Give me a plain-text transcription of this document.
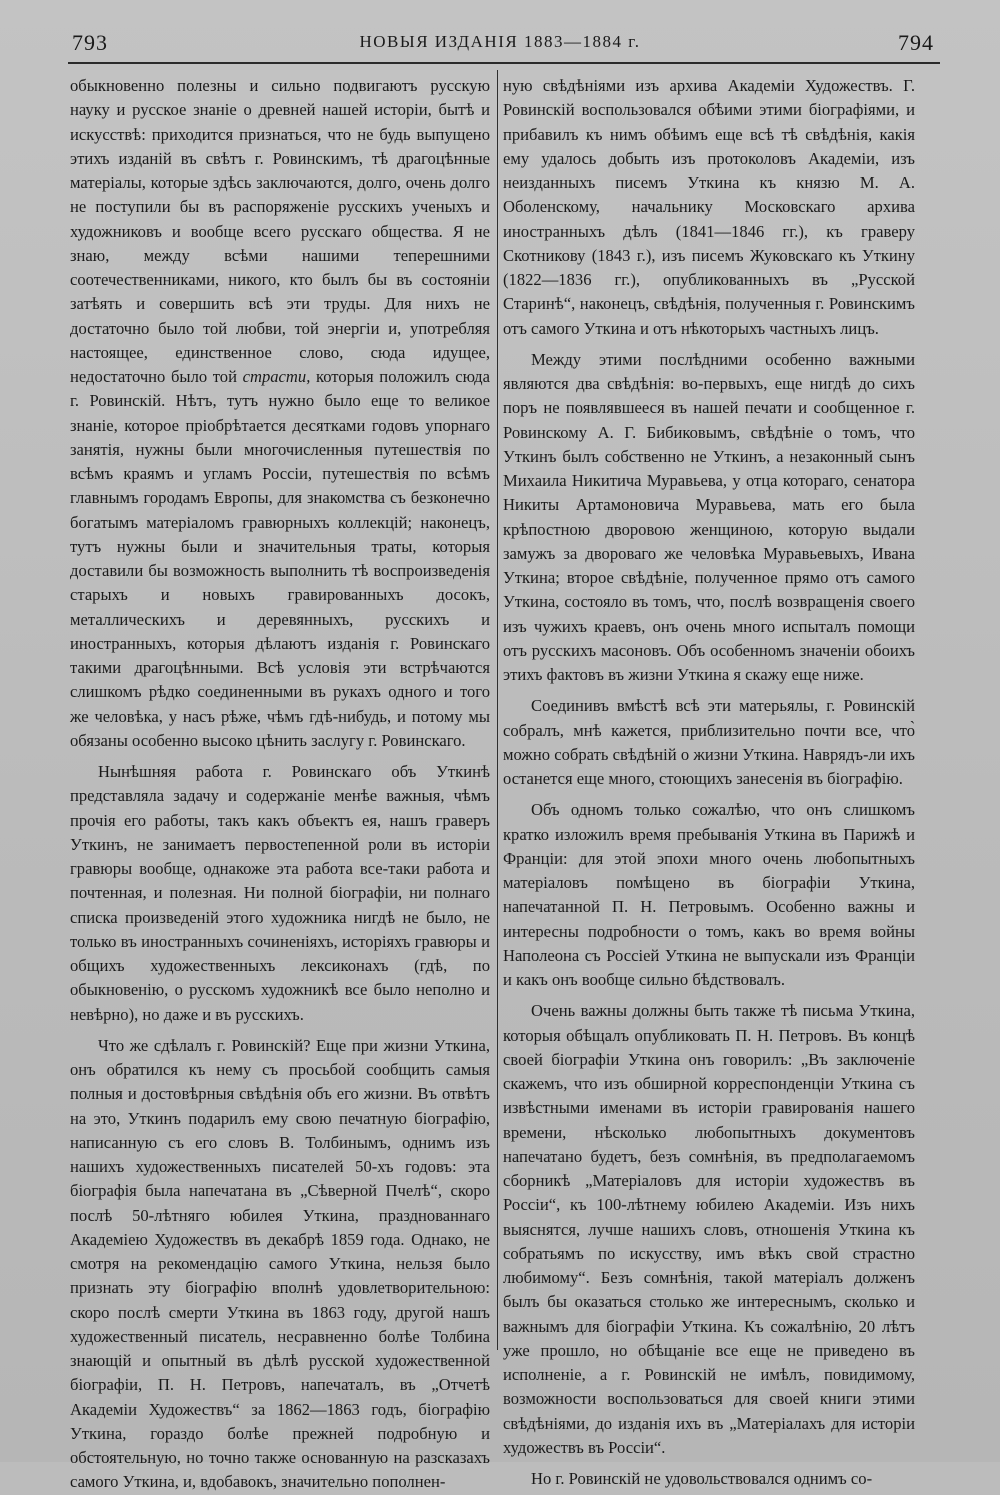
793	НОВЫЯ ИЗДАНІЯ 1883—1884 г.	794

обыкновенно полезны и сильно подвигаютъ русскую науку и русское знаніе о древней нашей исторіи, бытѣ и искусствѣ: приходится признаться, что не будь выпущено этихъ изданій въ свѣтъ г. Ровинскимъ, тѣ драгоцѣнные матеріалы, которые здѣсь заключаются, долго, очень долго не поступили бы въ распоряженіе русскихъ ученыхъ и художниковъ и вообще всего русскаго общества. Я не знаю, между всѣми нашими теперешними соотечественниками, никого, кто былъ бы въ состояніи затѣять и совершить всѣ эти труды. Для нихъ не достаточно было той любви, той энергіи и, употребляя настоящее, единственное слово, сюда идущее, недостаточно было той страсти, которыя положилъ сюда г. Ровинскій. Нѣтъ, тутъ нужно было еще то великое знаніе, которое пріобрѣтается десятками годовъ упорнаго занятія, нужны были многочисленныя путешествія по всѣмъ краямъ и угламъ Россіи, путешествія по всѣмъ главнымъ городамъ Европы, для знакомства съ безконечно богатымъ матеріаломъ гравюрныхъ коллекцій; наконецъ, тутъ нужны были и значительныя траты, которыя доставили бы возможность выполнить тѣ воспроизведенія старыхъ и новыхъ гравированныхъ досокъ, металлическихъ и деревянныхъ, русскихъ и иностранныхъ, которыя дѣлаютъ изданія г. Ровинскаго такими драгоцѣнными. Всѣ условія эти встрѣчаются слишкомъ рѣдко соединенными въ рукахъ одного и того же человѣка, у насъ рѣже, чѣмъ гдѣ-нибудь, и потому мы обязаны особенно высоко цѣнить заслугу г. Ровинскаго.

Нынѣшняя работа г. Ровинскаго объ Уткинѣ представляла задачу и содержаніе менѣе важныя, чѣмъ прочія его работы, такъ какъ объектъ ея, нашъ граверъ Уткинъ, не занимаетъ первостепенной роли въ исторіи гравюры вообще, однакоже эта работа все-таки работа и почтенная, и полезная. Ни полной біографіи, ни полнаго списка произведеній этого художника нигдѣ не было, не только въ иностранныхъ сочиненіяхъ, исторіяхъ гравюры и общихъ художественныхъ лексиконахъ (гдѣ, по обыкновенію, о русскомъ художникѣ все было неполно и невѣрно), но даже и въ русскихъ.

Что же сдѣлалъ г. Ровинскій? Еще при жизни Уткина, онъ обратился къ нему съ просьбой сообщить самыя полныя и достовѣрныя свѣдѣнія объ его жизни. Въ отвѣтъ на это, Уткинъ подарилъ ему свою печатную біографію, написанную съ его словъ В. Толбинымъ, однимъ изъ нашихъ художественныхъ писателей 50-хъ годовъ: эта біографія была напечатана въ „Сѣверной Пчелѣ“, скоро послѣ 50-лѣтняго юбилея Уткина, празднованнаго Академіею Художествъ въ декабрѣ 1859 года. Однако, не смотря на рекомендацію самого Уткина, нельзя было признать эту біографію вполнѣ удовлетворительною: скоро послѣ смерти Уткина въ 1863 году, другой нашъ художественный писатель, несравненно болѣе Толбина знающій и опытный въ дѣлѣ русской художественной біографіи, П. Н. Петровъ, напечаталъ, въ „Отчетѣ Академіи Художествъ“ за 1862—1863 годъ, біографію Уткина, гораздо болѣе прежней подробную и обстоятельную, но точно также основанную на разсказахъ самого Уткина, и, вдобавокъ, значительно пополнен-

ную свѣдѣніями изъ архива Академіи Художествъ. Г. Ровинскій воспользовался обѣими этими біографіями, и прибавилъ къ нимъ обѣимъ еще всѣ тѣ свѣдѣнія, какія ему удалось добыть изъ протоколовъ Академіи, изъ неизданныхъ писемъ Уткина къ князю М. А. Оболенскому, начальнику Московскаго архива иностранныхъ дѣлъ (1841—1846 гг.), къ граверу Скотникову (1843 г.), изъ писемъ Жуковскаго къ Уткину (1822—1836 гг.), опубликованныхъ въ „Русской Старинѣ“, наконецъ, свѣдѣнія, полученныя г. Ровинскимъ отъ самого Уткина и отъ нѣкоторыхъ частныхъ лицъ.

Между этими послѣдними особенно важными являются два свѣдѣнія: во-первыхъ, еще нигдѣ до сихъ поръ не появлявшееся въ нашей печати и сообщенное г. Ровинскому А. Г. Бибиковымъ, свѣдѣніе о томъ, что Уткинъ былъ собственно не Уткинъ, а незаконный сынъ Михаила Никитича Муравьева, у отца котораго, сенатора Никиты Артамоновича Муравьева, мать его была крѣпостною дворовою женщиною, которую выдали замужъ за двороваго же человѣка Муравьевыхъ, Ивана Уткина; второе свѣдѣніе, полученное прямо отъ самого Уткина, состояло въ томъ, что, послѣ возвращенія своего изъ чужихъ краевъ, онъ очень много испыталъ помощи отъ русскихъ масоновъ. Объ особенномъ значеніи обоихъ этихъ фактовъ въ жизни Уткина я скажу еще ниже.

Соединивъ вмѣстѣ всѣ эти матерьялы, г. Ровинскій собралъ, мнѣ кажется, приблизительно почти все, что̀ можно собрать свѣдѣній о жизни Уткина. Наврядъ-ли ихъ останется еще много, стоющихъ занесенія въ біографію.

Объ одномъ только сожалѣю, что онъ слишкомъ кратко изложилъ время пребыванія Уткина въ Парижѣ и Франціи: для этой эпохи много очень любопытныхъ матеріаловъ помѣщено въ біографіи Уткина, напечатанной П. Н. Петровымъ. Особенно важны и интересны подробности о томъ, какъ во время войны Наполеона съ Россіей Уткина не выпускали изъ Франціи и какъ онъ вообще сильно бѣдствовалъ.

Очень важны должны быть также тѣ письма Уткина, которыя обѣщалъ опубликовать П. Н. Петровъ. Въ концѣ своей біографіи Уткина онъ говорилъ: „Въ заключеніе скажемъ, что изъ обширной корреспонденціи Уткина съ извѣстными именами въ исторіи гравированія нашего времени, нѣсколько любопытныхъ документовъ напечатано будетъ, безъ сомнѣнія, въ предполагаемомъ сборникѣ „Матеріаловъ для исторіи художествъ въ Россіи“, къ 100-лѣтнему юбилею Академіи. Изъ нихъ выяснятся, лучше нашихъ словъ, отношенія Уткина къ собратьямъ по искусству, имъ вѣкъ свой страстно любимому“. Безъ сомнѣнія, такой матеріалъ долженъ былъ бы оказаться столько же интереснымъ, сколько и важнымъ для біографіи Уткина. Къ сожалѣнію, 20 лѣтъ уже прошло, но обѣщаніе все еще не приведено въ исполненіе, а г. Ровинскій не имѣлъ, повидимому, возможности воспользоваться для своей книги этими свѣдѣніями, до изданія ихъ въ „Матеріалахъ для исторіи художествъ въ Россіи“.

Но г. Ровинскій не удовольствовался однимъ со-
